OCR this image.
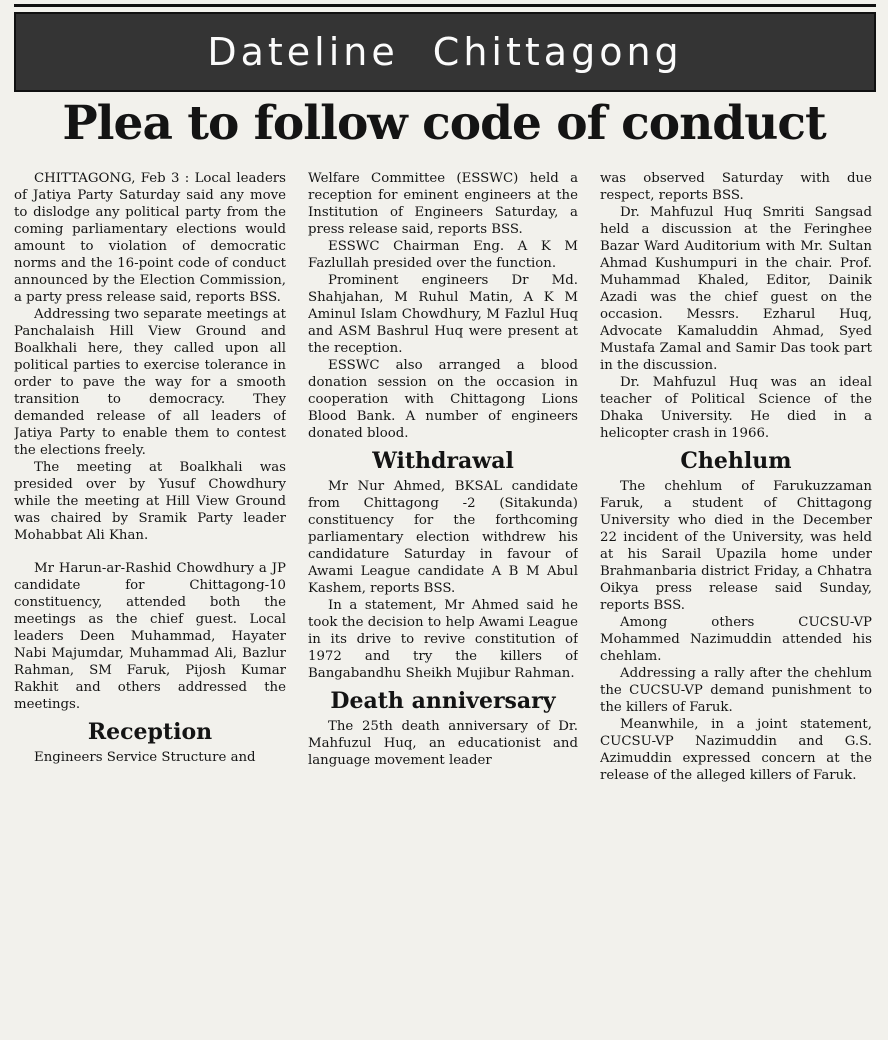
Dateline Chittagong
Plea to follow code of conduct

CHITTAGONG, Feb 3 : Local leaders of Jatiya Party Saturday said any move to dislodge any political party from the coming parliamentary elections would amount to violation of democratic norms and the 16-point code of conduct announced by the Election Commission, a party press release said, reports BSS.

Addressing two separate meetings at Panchalaish Hill View Ground and Boalkhali here, they called upon all political parties to exercise tolerance in order to pave the way for a smooth transition to democracy. They demanded release of all leaders of Jatiya Party to enable them to contest the elections freely.

The meeting at Boalkhali was presided over by Yusuf Chowdhury while the meeting at Hill View Ground was chaired by Sramik Party leader Mohabbat Ali Khan.

Mr Harun-ar-Rashid Chowdhury a JP candidate for Chittagong-10 constituency, attended both the meetings as the chief guest. Local leaders Deen Muhammad, Hayater Nabi Majumdar, Muhammad Ali, Bazlur Rahman, SM Faruk, Pijosh Kumar Rakhit and others addressed the meetings.

Reception

Engineers Service Structure and

Welfare Committee (ESSWC) held a reception for eminent engineers at the Institution of Engineers Saturday, a press release said, reports BSS.

ESSWC Chairman Eng. A K M Fazlullah presided over the function.

Prominent engineers Dr Md. Shahjahan, M Ruhul Matin, A K M Aminul Islam Chowdhury, M Fazlul Huq and ASM Bashrul Huq were present at the reception.

ESSWC also arranged a blood donation session on the occasion in cooperation with Chittagong Lions Blood Bank. A number of engineers donated blood.

Withdrawal

Mr Nur Ahmed, BKSAL candidate from Chittagong -2 (Sitakunda) constituency for the forthcoming parliamentary election withdrew his candidature Saturday in favour of Awami League candidate A B M Abul Kashem, reports BSS.

In a statement, Mr Ahmed said he took the decision to help Awami League in its drive to revive constitution of 1972 and try the killers of Bangabandhu Sheikh Mujibur Rahman.

Death anniversary

The 25th death anniversary of Dr. Mahfuzul Huq, an educationist and language movement leader

was observed Saturday with due respect, reports BSS.

Dr. Mahfuzul Huq Smriti Sangsad held a discussion at the Feringhee Bazar Ward Auditorium with Mr. Sultan Ahmad Kushumpuri in the chair. Prof. Muhammad Khaled, Editor, Dainik Azadi was the chief guest on the occasion. Messrs. Ezharul Huq, Advocate Kamaluddin Ahmad, Syed Mustafa Zamal and Samir Das took part in the discussion.

Dr. Mahfuzul Huq was an ideal teacher of Political Science of the Dhaka University. He died in a helicopter crash in 1966.

Chehlum

The chehlum of Farukuzzaman Faruk, a student of Chittagong University who died in the December 22 incident of the University, was held at his Sarail Upazila home under Brahmanbaria district Friday, a Chhatra Oikya press release said Sunday, reports BSS.

Among others CUCSU-VP Mohammed Nazimuddin attended his chehlam.

Addressing a rally after the chehlum the CUCSU-VP demand punishment to the killers of Faruk.

Meanwhile, in a joint statement, CUCSU-VP Nazimuddin and G.S. Azimuddin expressed concern at the release of the alleged killers of Faruk.
